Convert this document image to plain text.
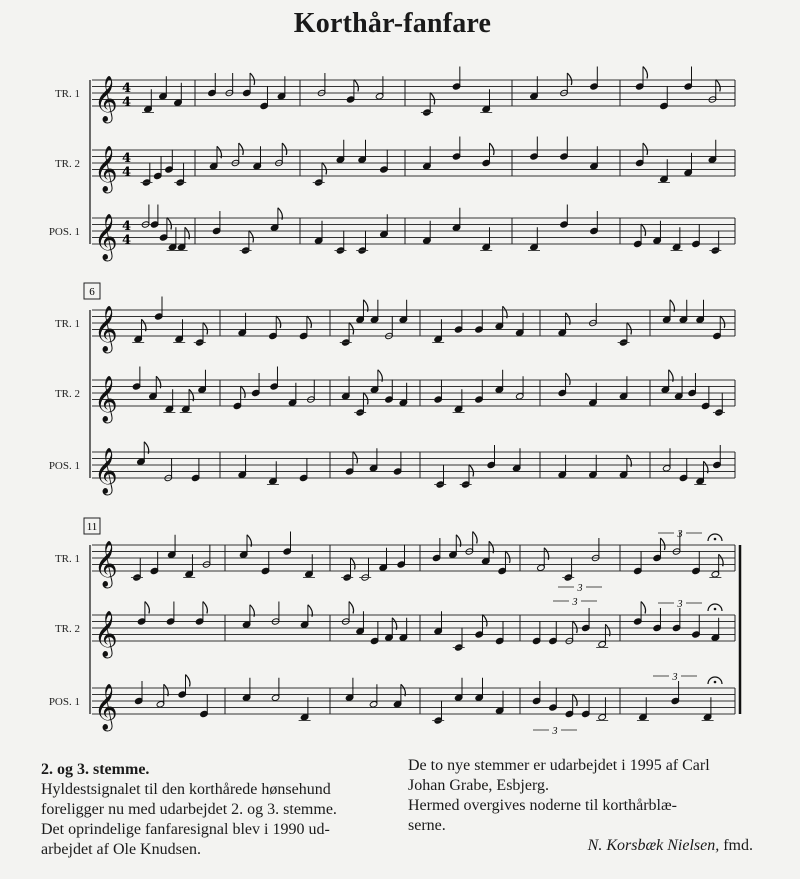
Korthår-fanfare
TR. 1 𝄞 4
4
TR. 2 𝄞 4
4
POS. 1 𝄞 4
4
TR. 1 𝄞
TR. 2 𝄞
POS. 1 𝄞
6
TR. 1 𝄞
TR. 2 𝄞
POS. 1 𝄞
11
3
3
3	3
3
3

2. og 3. stemme.

Hyldestsignalet til den korthårede hønsehund

foreligger nu med udarbejdet 2. og 3. stemme.

Det oprindelige fanfaresignal blev i 1990 ud-

arbejdet af Ole Knudsen.

De to nye stemmer er udarbejdet i 1995 af Carl

Johan Grabe, Esbjerg.

Hermed overgives noderne til korthårblæ-

serne.

N. Korsbæk Nielsen, fmd.
